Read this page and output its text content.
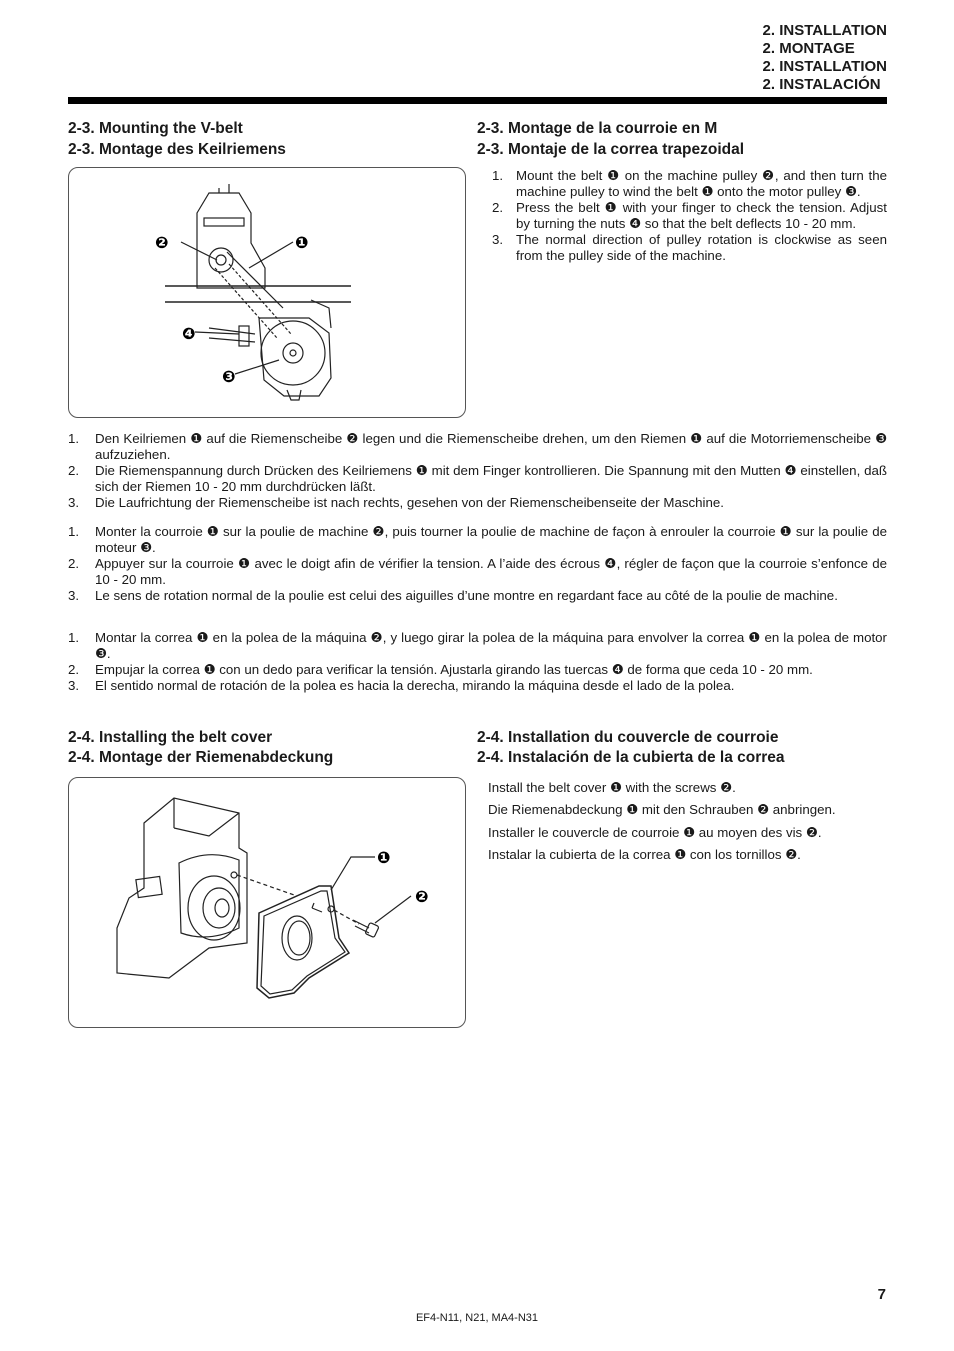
2. INSTALLATION
2. MONTAGE
2. INSTALLATION
2. INSTALACIÓN
2-3. Mounting the V-belt
2-3. Montage des Keilriemens
2-3. Montage de la courroie en M
2-3. Montaje de la correa trapezoidal
❷	❶
❹
❸
1. Mount the belt ❶ on the machine pulley ❷, and then turn the machine pulley to wind the belt ❶ onto the motor pulley ❸.
2. Press the belt ❶ with your finger to check the tension. Adjust by turning the nuts ❹ so that the belt deflects 10 - 20 mm.
3. The normal direction of pulley rotation is clockwise as seen from the pulley side of the machine.
1.	Den Keilriemen ❶ auf die Riemenscheibe ❷ legen und die Riemenscheibe drehen, um den Riemen ❶ auf die Motorriemenscheibe ❸ aufzuziehen.
2.	Die Riemenspannung durch Drücken des Keilriemens ❶ mit dem Finger kontrollieren. Die Spannung mit den Mutten ❹ einstellen, daß sich der Riemen 10 - 20 mm durchdrücken läßt.
3.	Die Laufrichtung der Riemenscheibe ist nach rechts, gesehen von der Riemenscheibenseite der Maschine.
1.	Monter la courroie ❶ sur la poulie de machine ❷, puis tourner la poulie de machine de façon à enrouler la courroie ❶ sur la poulie de moteur ❸.
2.	Appuyer sur la courroie ❶ avec le doigt afin de vérifier la tension. A l’aide des écrous ❹, régler de façon que la courroie s’enfonce de 10 - 20 mm.
3.	Le sens de rotation normal de la poulie est celui des aiguilles d’une montre en regardant face au côté de la poulie de machine.
1.	Montar la correa ❶ en la polea de la máquina ❷, y luego girar la polea de la máquina para envolver la correa ❶ en la polea de motor ❸.
2.	Empujar la correa ❶ con un dedo para verificar la tensión. Ajustarla girando las tuercas ❹ de forma que ceda 10 - 20 mm.
3.	El sentido normal de rotación de la polea es hacia la derecha, mirando la máquina desde el lado de la polea.
2-4. Installing the belt cover
2-4. Montage der Riemenabdeckung
2-4. Installation du couvercle de courroie
2-4. Instalación de la cubierta de la correa
❶
❷
Install the belt cover ❶ with the screws ❷.
Die Riemenabdeckung ❶ mit den Schrauben ❷ anbringen.
Installer le couvercle de courroie ❶ au moyen des vis ❷.
Instalar la cubierta de la correa ❶ con los tornillos ❷.
7
EF4-N11, N21, MA4-N31
